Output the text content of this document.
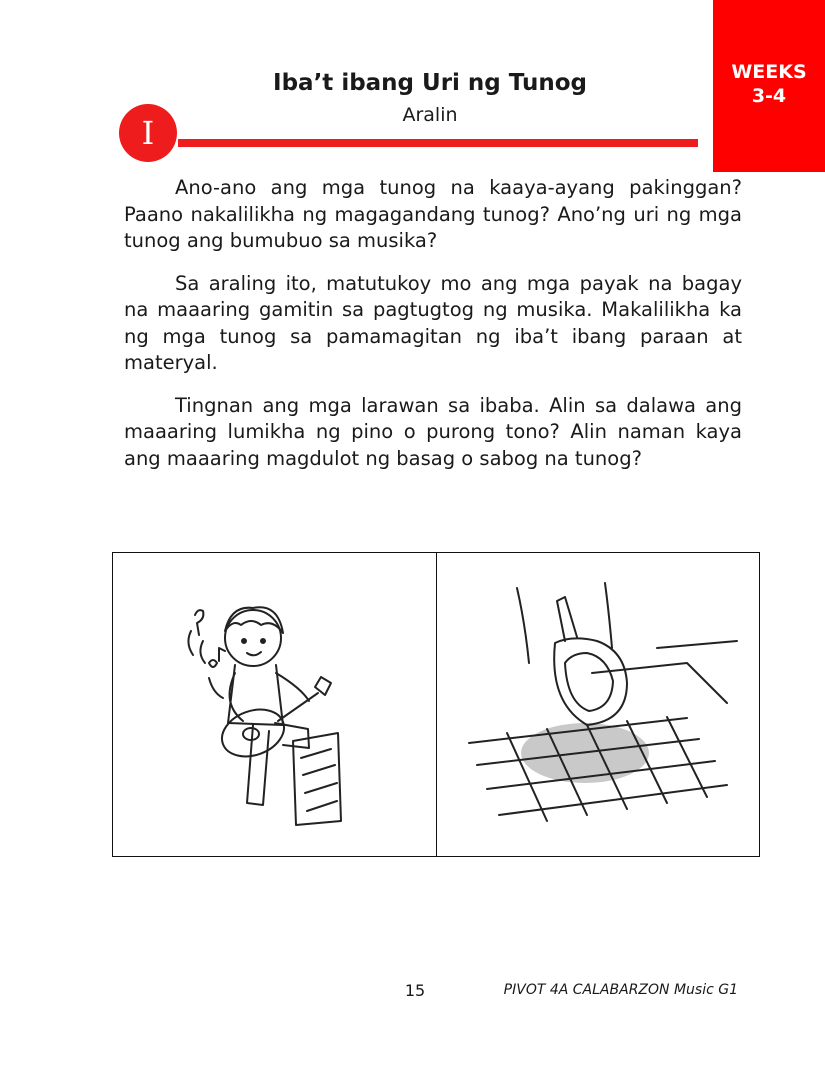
WEEKS
3-4
Iba’t ibang Uri ng Tunog
Aralin
I

Ano-ano ang mga tunog na kaaya-ayang pakinggan? Paano nakalilikha ng magagandang tunog? Ano’ng uri ng mga tunog ang bumubuo sa musika?

Sa araling ito, matutukoy mo ang mga payak na bagay na maaaring gamitin sa pagtugtog ng musika. Makalilikha ka ng mga tunog sa pamamagitan ng iba’t ibang paraan at materyal.

Tingnan ang mga larawan sa ibaba. Alin sa dalawa ang maaaring lumikha ng pino o purong tono? Alin naman kaya ang maaaring magdulot ng basag o sabog na tunog?

15	PIVOT 4A CALABARZON Music G1
